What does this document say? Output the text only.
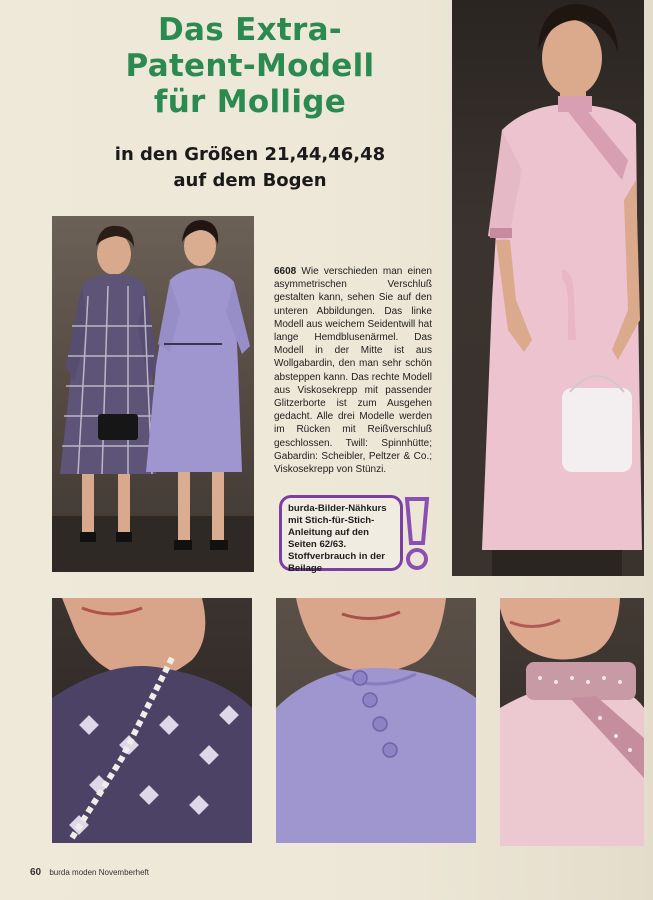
Das Extra-
Patent-Modell
für Mollige
in den Größen 21,44,46,48
auf dem Bogen
6608 Wie verschieden man einen asymmetrischen Verschluß gestalten kann, sehen Sie auf den unteren Abbildungen. Das linke Modell aus weichem Seidentwill hat lange Hemdblusenärmel. Das Modell in der Mitte ist aus Wollgabardin, den man sehr schön absteppen kann. Das rechte Modell aus Viskosekrepp mit passender Glitzerborte ist zum Ausgehen gedacht. Alle drei Modelle werden im Rücken mit Reißverschluß geschlossen. Twill: Spinnhütte; Gabardin: Scheibler, Peltzer & Co.; Viskosekrepp von Stünzi.
burda-Bilder-Nähkurs mit Stich-für-Stich-Anleitung auf den Seiten 62/63. Stoffverbrauch in der Beilage
60 burda moden Novemberheft
